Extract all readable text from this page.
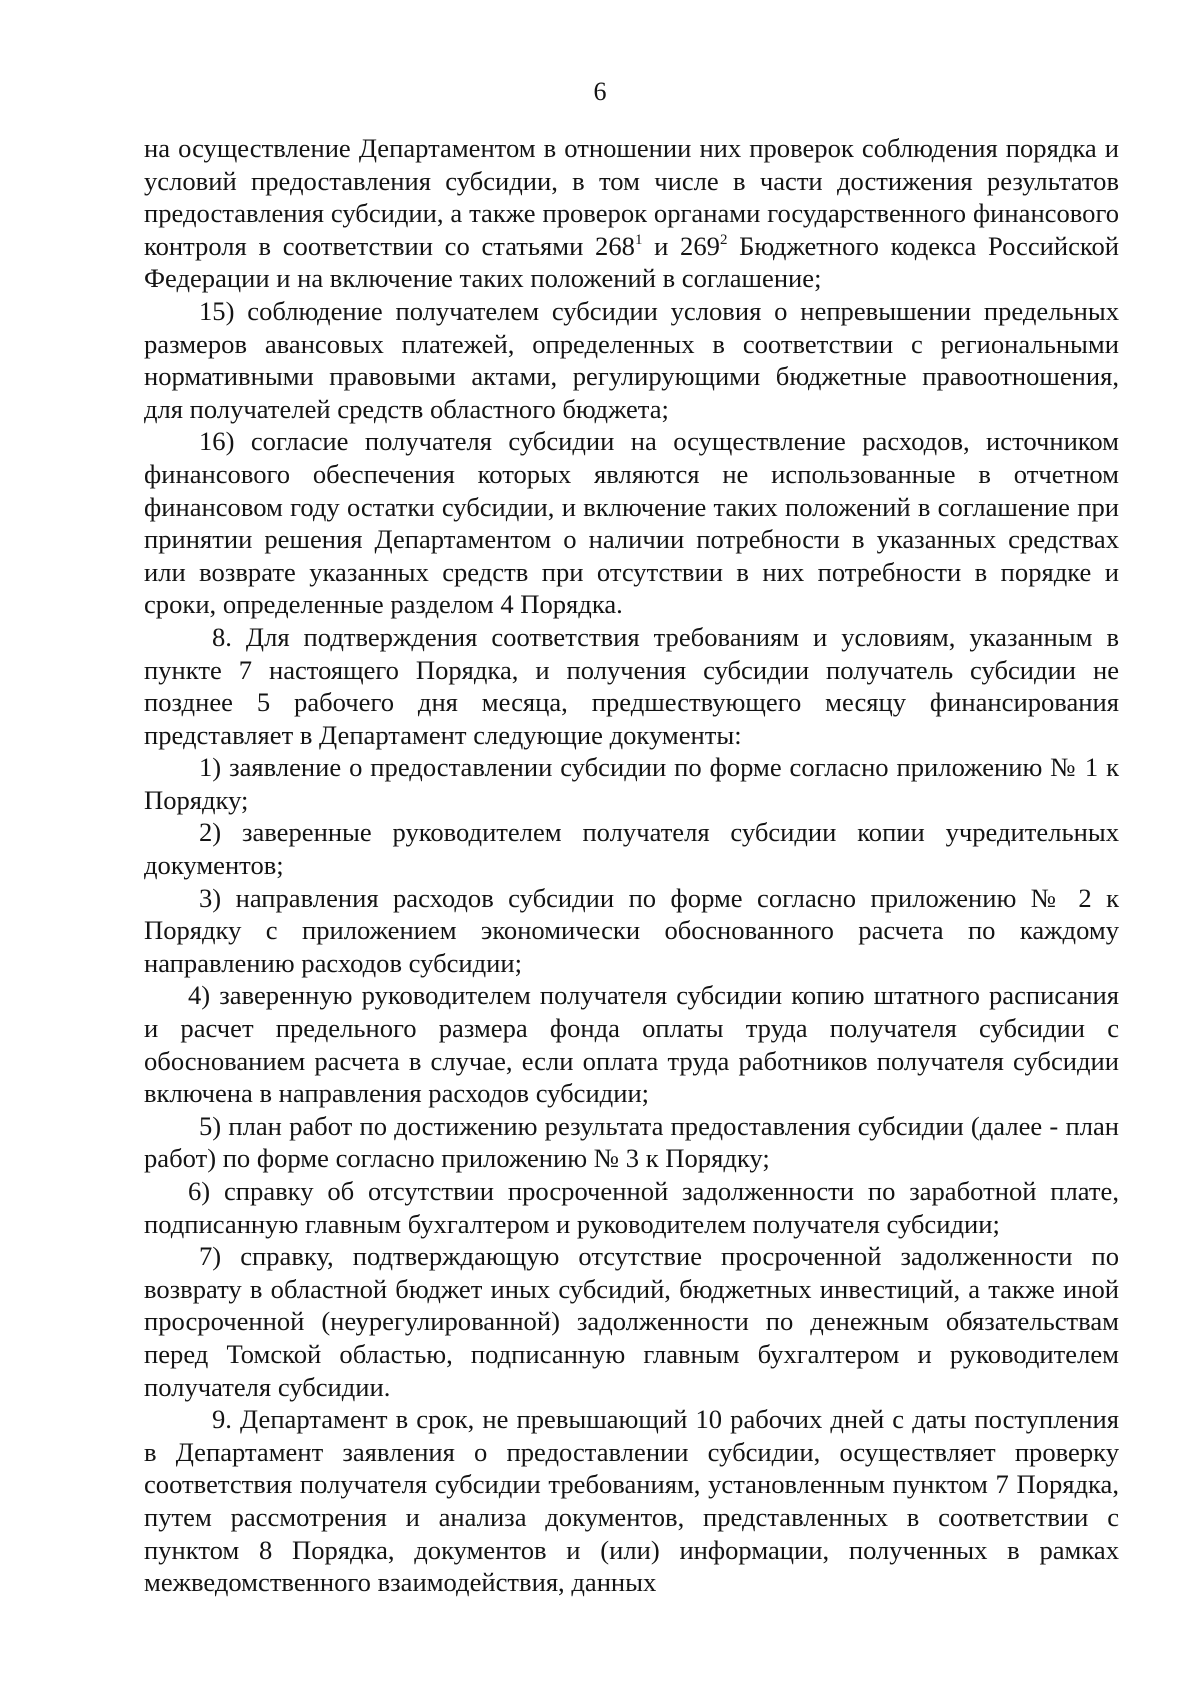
6

на осуществление Департаментом в отношении них проверок соблюдения порядка и условий предоставления субсидии, в том числе в части достижения результатов предоставления субсидии, а также проверок органами государственного финансового контроля в соответствии со статьями $268^1$ и $269^2$ Бюджетного кодекса Российской Федерации и на включение таких положений в соглашение;

15) соблюдение получателем субсидии условия о непревышении предельных размеров авансовых платежей, определенных в соответствии с региональными нормативными правовыми актами, регулирующими бюджетные правоотношения, для получателей средств областного бюджета;

16) согласие получателя субсидии на осуществление расходов, источником финансового обеспечения которых являются не использованные в отчетном финансовом году остатки субсидии, и включение таких положений в соглашение при принятии решения Департаментом о наличии потребности в указанных средствах или возврате указанных средств при отсутствии в них потребности в порядке и сроки, определенные разделом 4 Порядка.

8. Для подтверждения соответствия требованиям и условиям, указанным в пункте 7 настоящего Порядка, и получения субсидии получатель субсидии не позднее 5 рабочего дня месяца, предшествующего месяцу финансирования представляет в Департамент следующие документы:

1) заявление о предоставлении субсидии по форме согласно приложению № 1 к Порядку;

2) заверенные руководителем получателя субсидии копии учредительных документов;

3) направления расходов субсидии по форме согласно приложению № 2 к Порядку с приложением экономически обоснованного расчета по каждому направлению расходов субсидии;

4) заверенную руководителем получателя субсидии копию штатного расписания и расчет предельного размера фонда оплаты труда получателя субсидии с обоснованием расчета в случае, если оплата труда работников получателя субсидии включена в направления расходов субсидии;

5) план работ по достижению результата предоставления субсидии (далее - план работ) по форме согласно приложению № 3 к Порядку;

6) справку об отсутствии просроченной задолженности по заработной плате, подписанную главным бухгалтером и руководителем получателя субсидии;

7) справку, подтверждающую отсутствие просроченной задолженности по возврату в областной бюджет иных субсидий, бюджетных инвестиций, а также иной просроченной (неурегулированной) задолженности по денежным обязательствам перед Томской областью, подписанную главным бухгалтером и руководителем получателя субсидии.

9. Департамент в срок, не превышающий 10 рабочих дней с даты поступления в Департамент заявления о предоставлении субсидии, осуществляет проверку соответствия получателя субсидии требованиям, установленным пунктом 7 Порядка, путем рассмотрения и анализа документов, представленных в соответствии с пунктом 8 Порядка, документов и (или) информации, полученных в рамках межведомственного взаимодействия, данных
